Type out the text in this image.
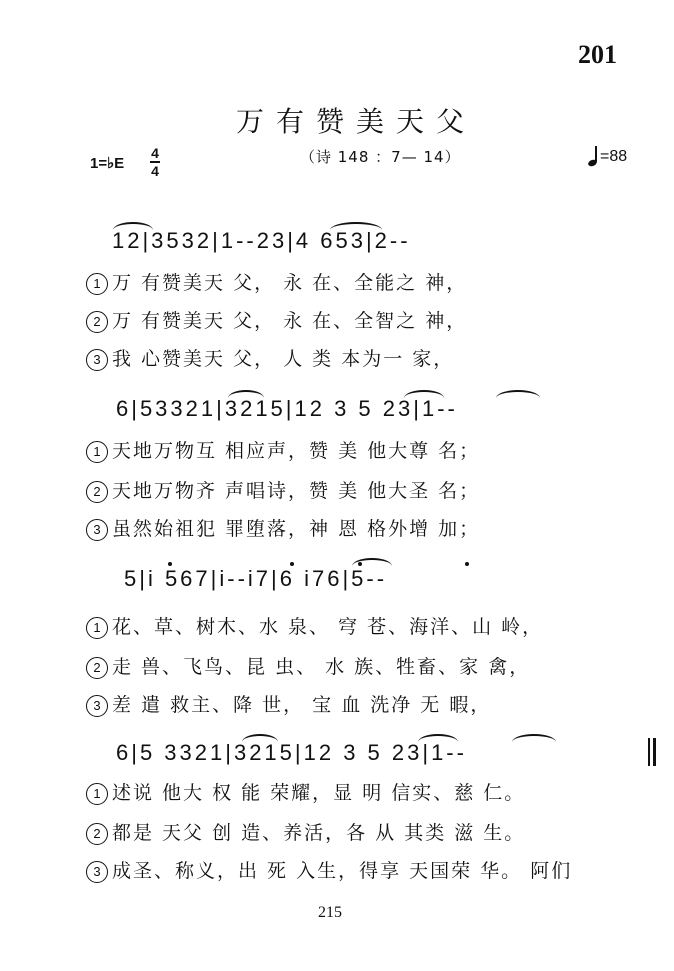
201
万有赞美天父
（诗 148 ：7— 14）
1=♭E
4
4
=88
12|3532|1--23|4 653|2--
1 万 有赞美天 父， 永 在、全能之 神，
2 万 有赞美天 父， 永 在、全智之 神，
3 我 心赞美天 父， 人 类 本为一 家，
6|53321|3215|12 3 5 23|1--
1 天地万物互 相应声，赞 美 他大尊 名；
2 天地万物齐 声唱诗，赞 美 他大圣 名；
3 虽然始祖犯 罪堕落，神 恩 格外增 加；
5|i 567|i--i7|6 i76|5--
1 花、草、树木、水 泉、 穹 苍、海洋、山 岭，
2 走 兽、飞鸟、昆 虫、 水 族、牲畜、家 禽，
3 差 遣 救主、降 世， 宝 血 洗净 无 暇，
6|5 3321|3215|12 3 5 23|1--
1 述说 他大 权 能 荣耀，显 明 信实、慈 仁。
2 都是 天父 创 造、养活，各 从 其类 滋 生。
3 成圣、称义，出 死 入生，得享 天国荣 华。 阿们
215
